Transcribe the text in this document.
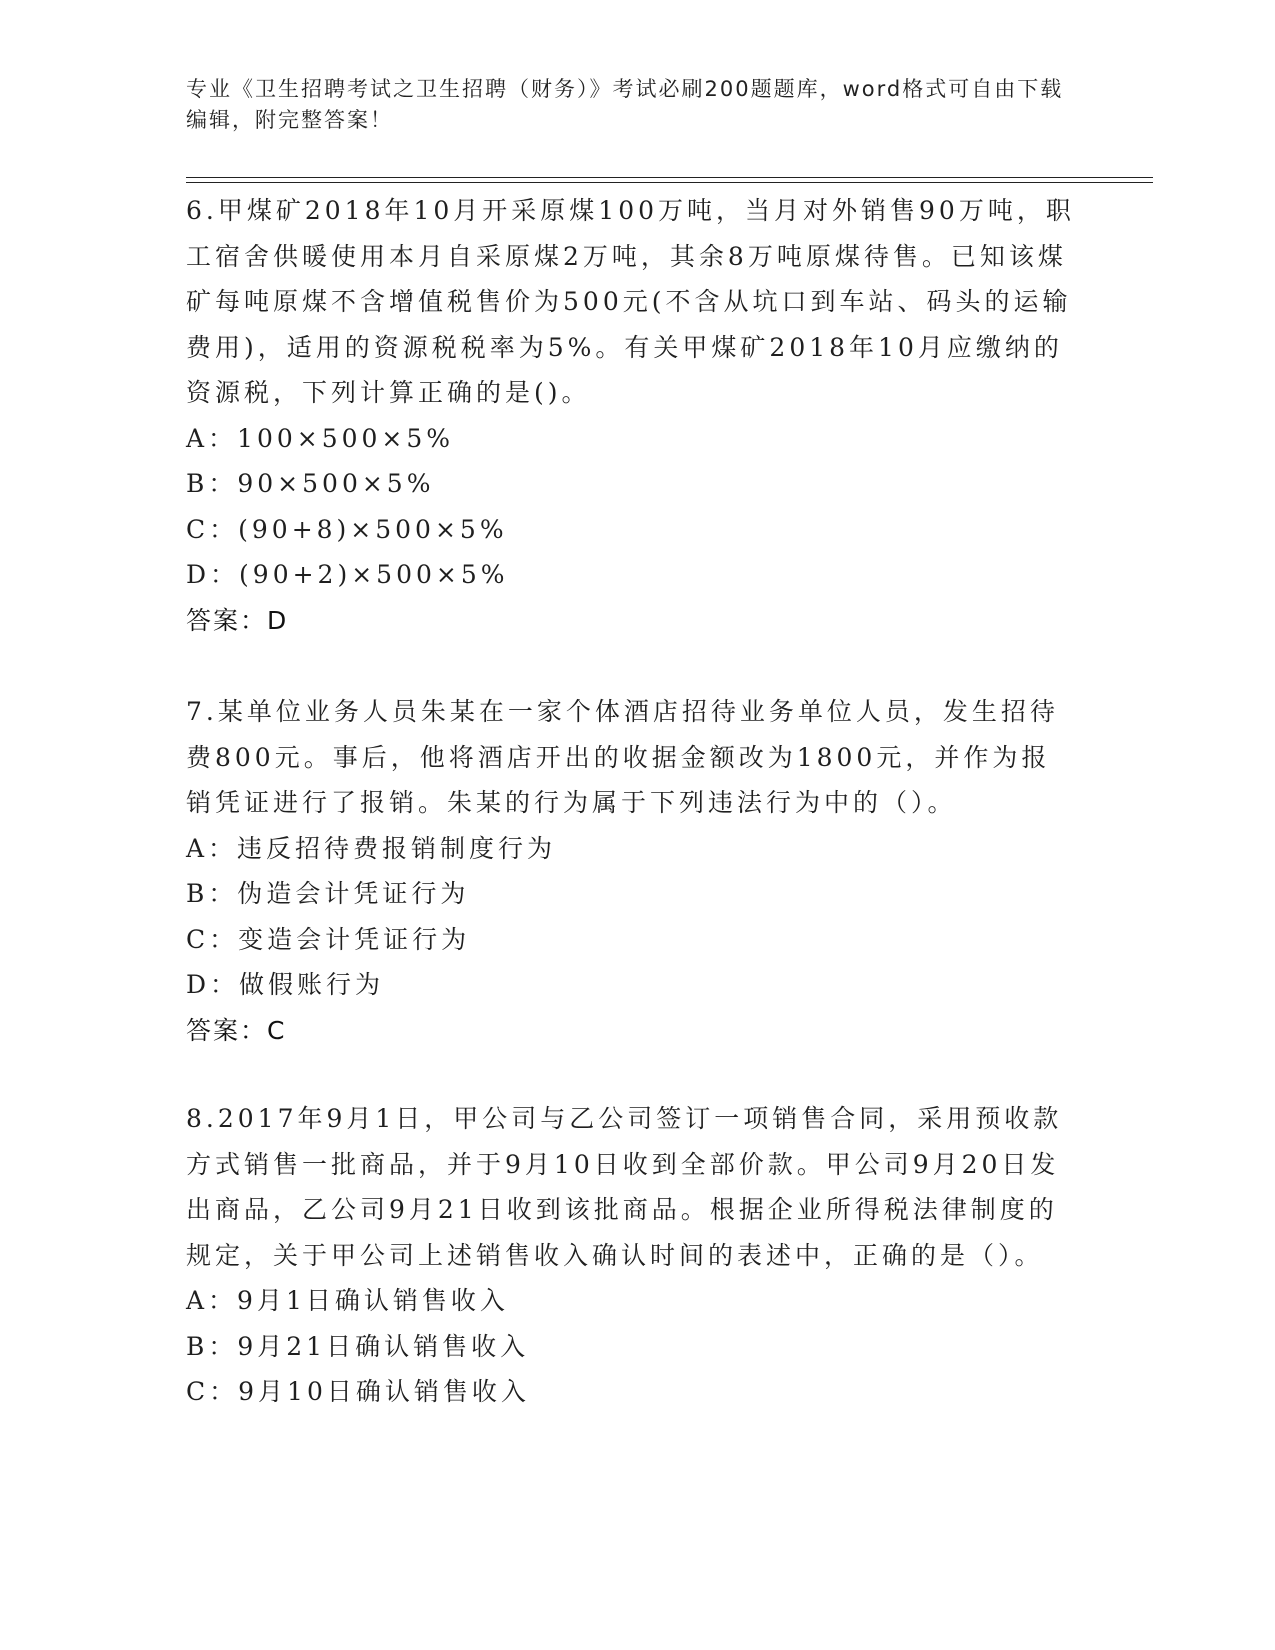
专业《卫生招聘考试之卫生招聘（财务）》考试必刷200题题库，word格式可自由下载编辑，附完整答案！
6.甲煤矿2018年10月开采原煤100万吨，当月对外销售90万吨，职工宿舍供暖使用本月自采原煤2万吨，其余8万吨原煤待售。已知该煤矿每吨原煤不含增值税售价为500元(不含从坑口到车站、码头的运输费用)，适用的资源税税率为5%。有关甲煤矿2018年10月应缴纳的资源税，下列计算正确的是()。
A：100×500×5%
B：90×500×5%
C：(90+8)×500×5%
D：(90+2)×500×5%
答案：D
7.某单位业务人员朱某在一家个体酒店招待业务单位人员，发生招待费800元。事后，他将酒店开出的收据金额改为1800元，并作为报销凭证进行了报销。朱某的行为属于下列违法行为中的（）。
A：违反招待费报销制度行为
B：伪造会计凭证行为
C：变造会计凭证行为
D：做假账行为
答案：C
8.2017年9月1日，甲公司与乙公司签订一项销售合同，采用预收款方式销售一批商品，并于9月10日收到全部价款。甲公司9月20日发出商品，乙公司9月21日收到该批商品。根据企业所得税法律制度的规定，关于甲公司上述销售收入确认时间的表述中，正确的是（）。
A：9月1日确认销售收入
B：9月21日确认销售收入
C：9月10日确认销售收入
